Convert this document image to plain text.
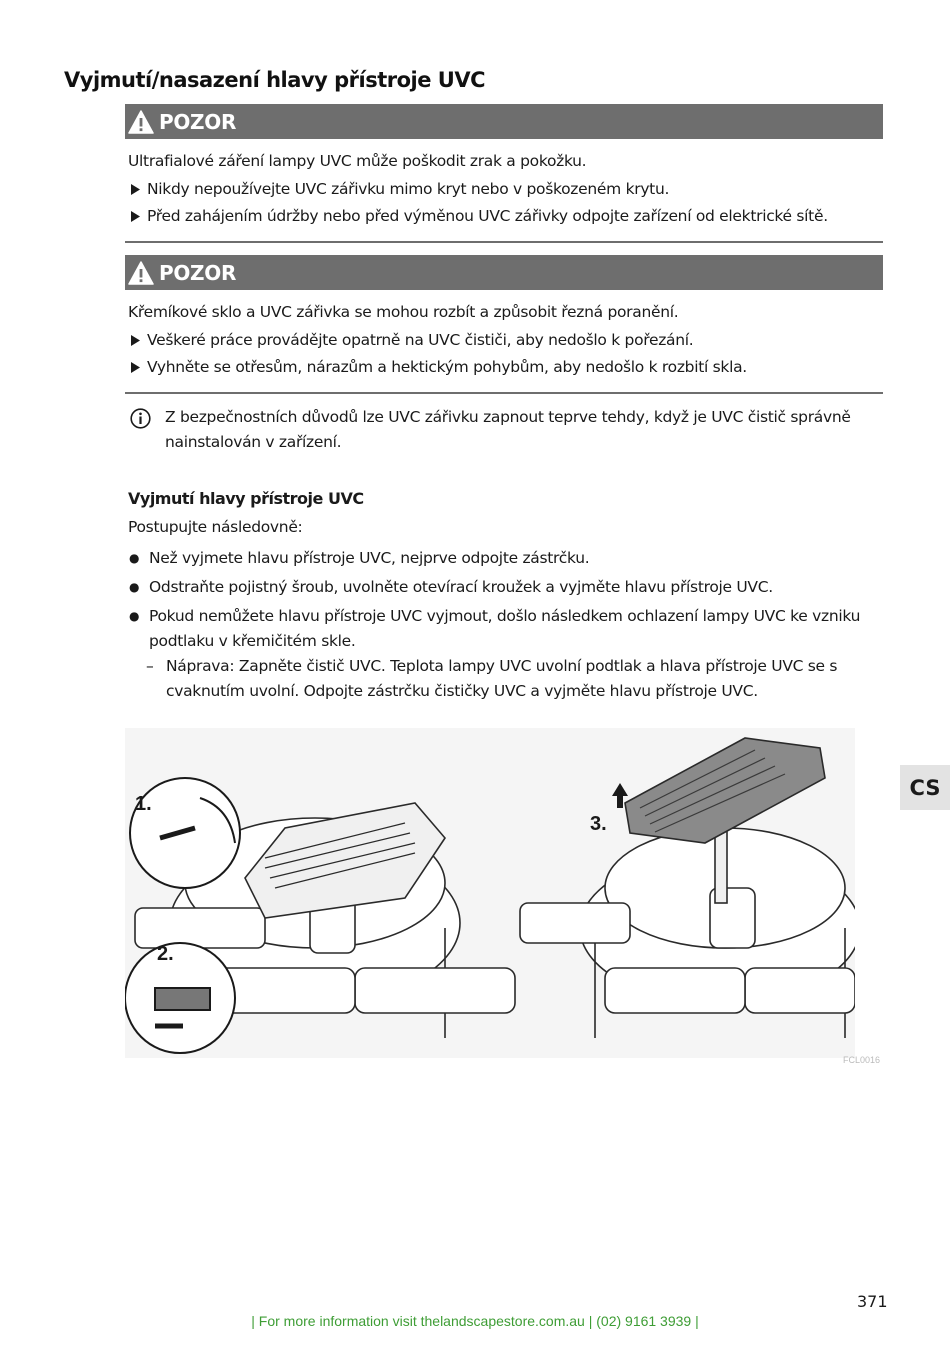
Vyjmutí/nasazení hlavy přístroje UVC
POZOR
Ultrafialové záření lampy UVC může poškodit zrak a pokožku.
Nikdy nepoužívejte UVC zářivku mimo kryt nebo v poškozeném krytu.
Před zahájením údržby nebo před výměnou UVC zářivky odpojte zařízení od elektrické sítě.
POZOR
Křemíkové sklo a UVC zářivka se mohou rozbít a způsobit řezná poranění.
Veškeré práce provádějte opatrně na UVC čističi, aby nedošlo k pořezání.
Vyhněte se otřesům, nárazům a hektickým pohybům, aby nedošlo k rozbití skla.
Z bezpečnostních důvodů lze UVC zářivku zapnout teprve tehdy, když je UVC čistič správně nainstalován v zařízení.
Vyjmutí hlavy přístroje UVC
Postupujte následovně:
● Než vyjmete hlavu přístroje UVC, nejprve odpojte zástrčku.
● Odstraňte pojistný šroub, uvolněte otevírací kroužek a vyjměte hlavu přístroje UVC.
● Pokud nemůžete hlavu přístroje UVC vyjmout, došlo následkem ochlazení lampy UVC ke vzniku podtlaku v křemičitém skle.
– Náprava: Zapněte čistič UVC. Teplota lampy UVC uvolní podtlak a hlava přístroje UVC se s cvaknutím uvolní. Odpojte zástrčku čističky UVC a vyjměte hlavu přístroje UVC.
1.
2.
3.
FCL0016
CS
371
| For more information visit thelandscapestore.com.au | (02) 9161 3939 |
